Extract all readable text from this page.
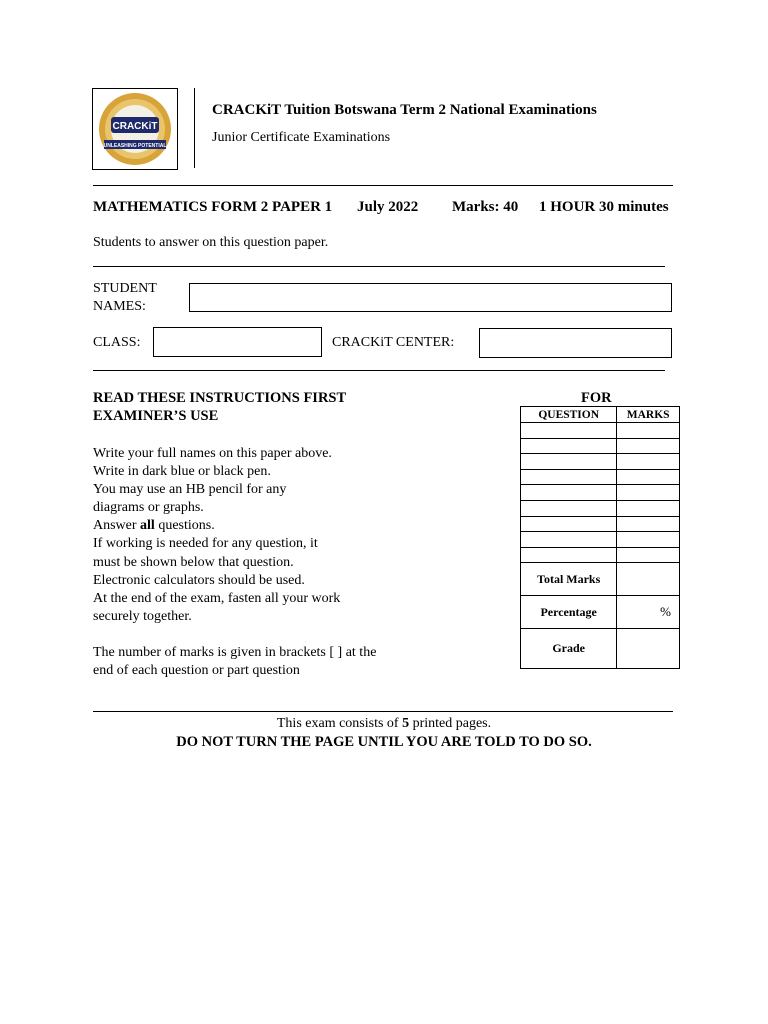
CRACKiT
UNLEASHING POTENTIAL
CRACKiT Tuition Botswana Term 2 National Examinations
Junior Certificate Examinations
MATHEMATICS FORM 2 PAPER 1 July 2022 Marks: 40 1 HOUR 30 minutes
Students to answer on this question paper.
STUDENT
NAMES:
CLASS:	CRACKiT CENTER:
READ THESE INSTRUCTIONS FIRST	FOR
EXAMINER’S USE
Write your full names on this paper above.
Write in dark blue or black pen.
You may use an HB pencil for any
diagrams or graphs.
Answer all questions.
If working is needed for any question, it
must be shown below that question.
Electronic calculators should be used.
At the end of the exam, fasten all your work
securely together.
The number of marks is given in brackets [ ] at the
end of each question or part question
QUESTION	MARKS

Total Marks	
Percentage	%
Grade	
This exam consists of 5 printed pages.
DO NOT TURN THE PAGE UNTIL YOU ARE TOLD TO DO SO.
